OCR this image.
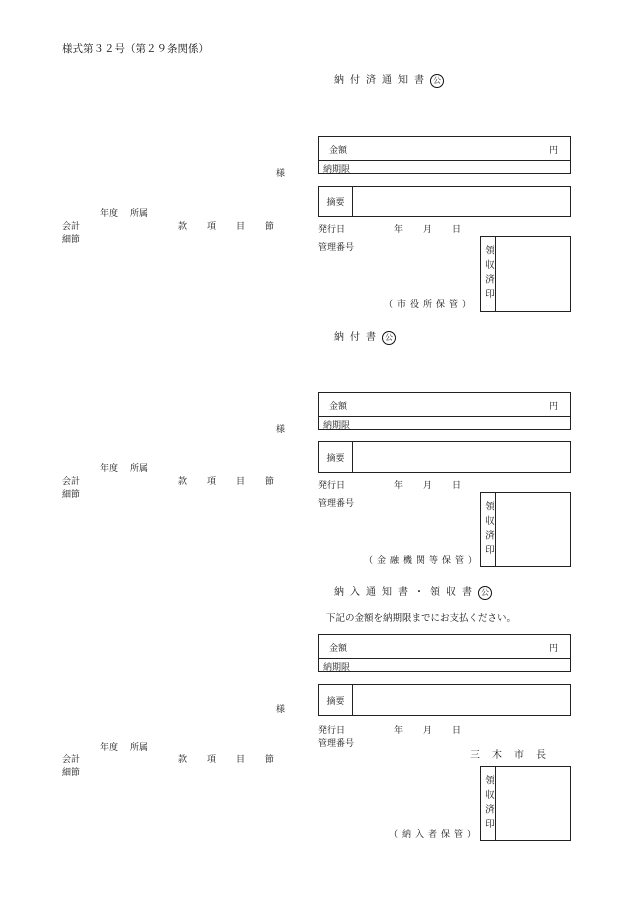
様式第３２号（第２９条関係）
納付済通知書 公
様
年度 所属
会計
細節
款 項 目 節
金額	円
納期限
摘要
発行日	年 月 日
管理番号	領収済印
（市役所保管）
納付書 公
様
年度 所属
会計
細節
款 項 目 節
金額	円
納期限
摘要
発行日	年 月 日
管理番号	領収済印
（金融機関等保管）
納入通知書・領収書 公
下記の金額を納期限までにお支払ください。
様
年度 所属
会計
細節
款 項 目 節
金額	円
納期限
摘要
発行日	年 月 日
管理番号
三木市長
領収済印
（納入者保管）
